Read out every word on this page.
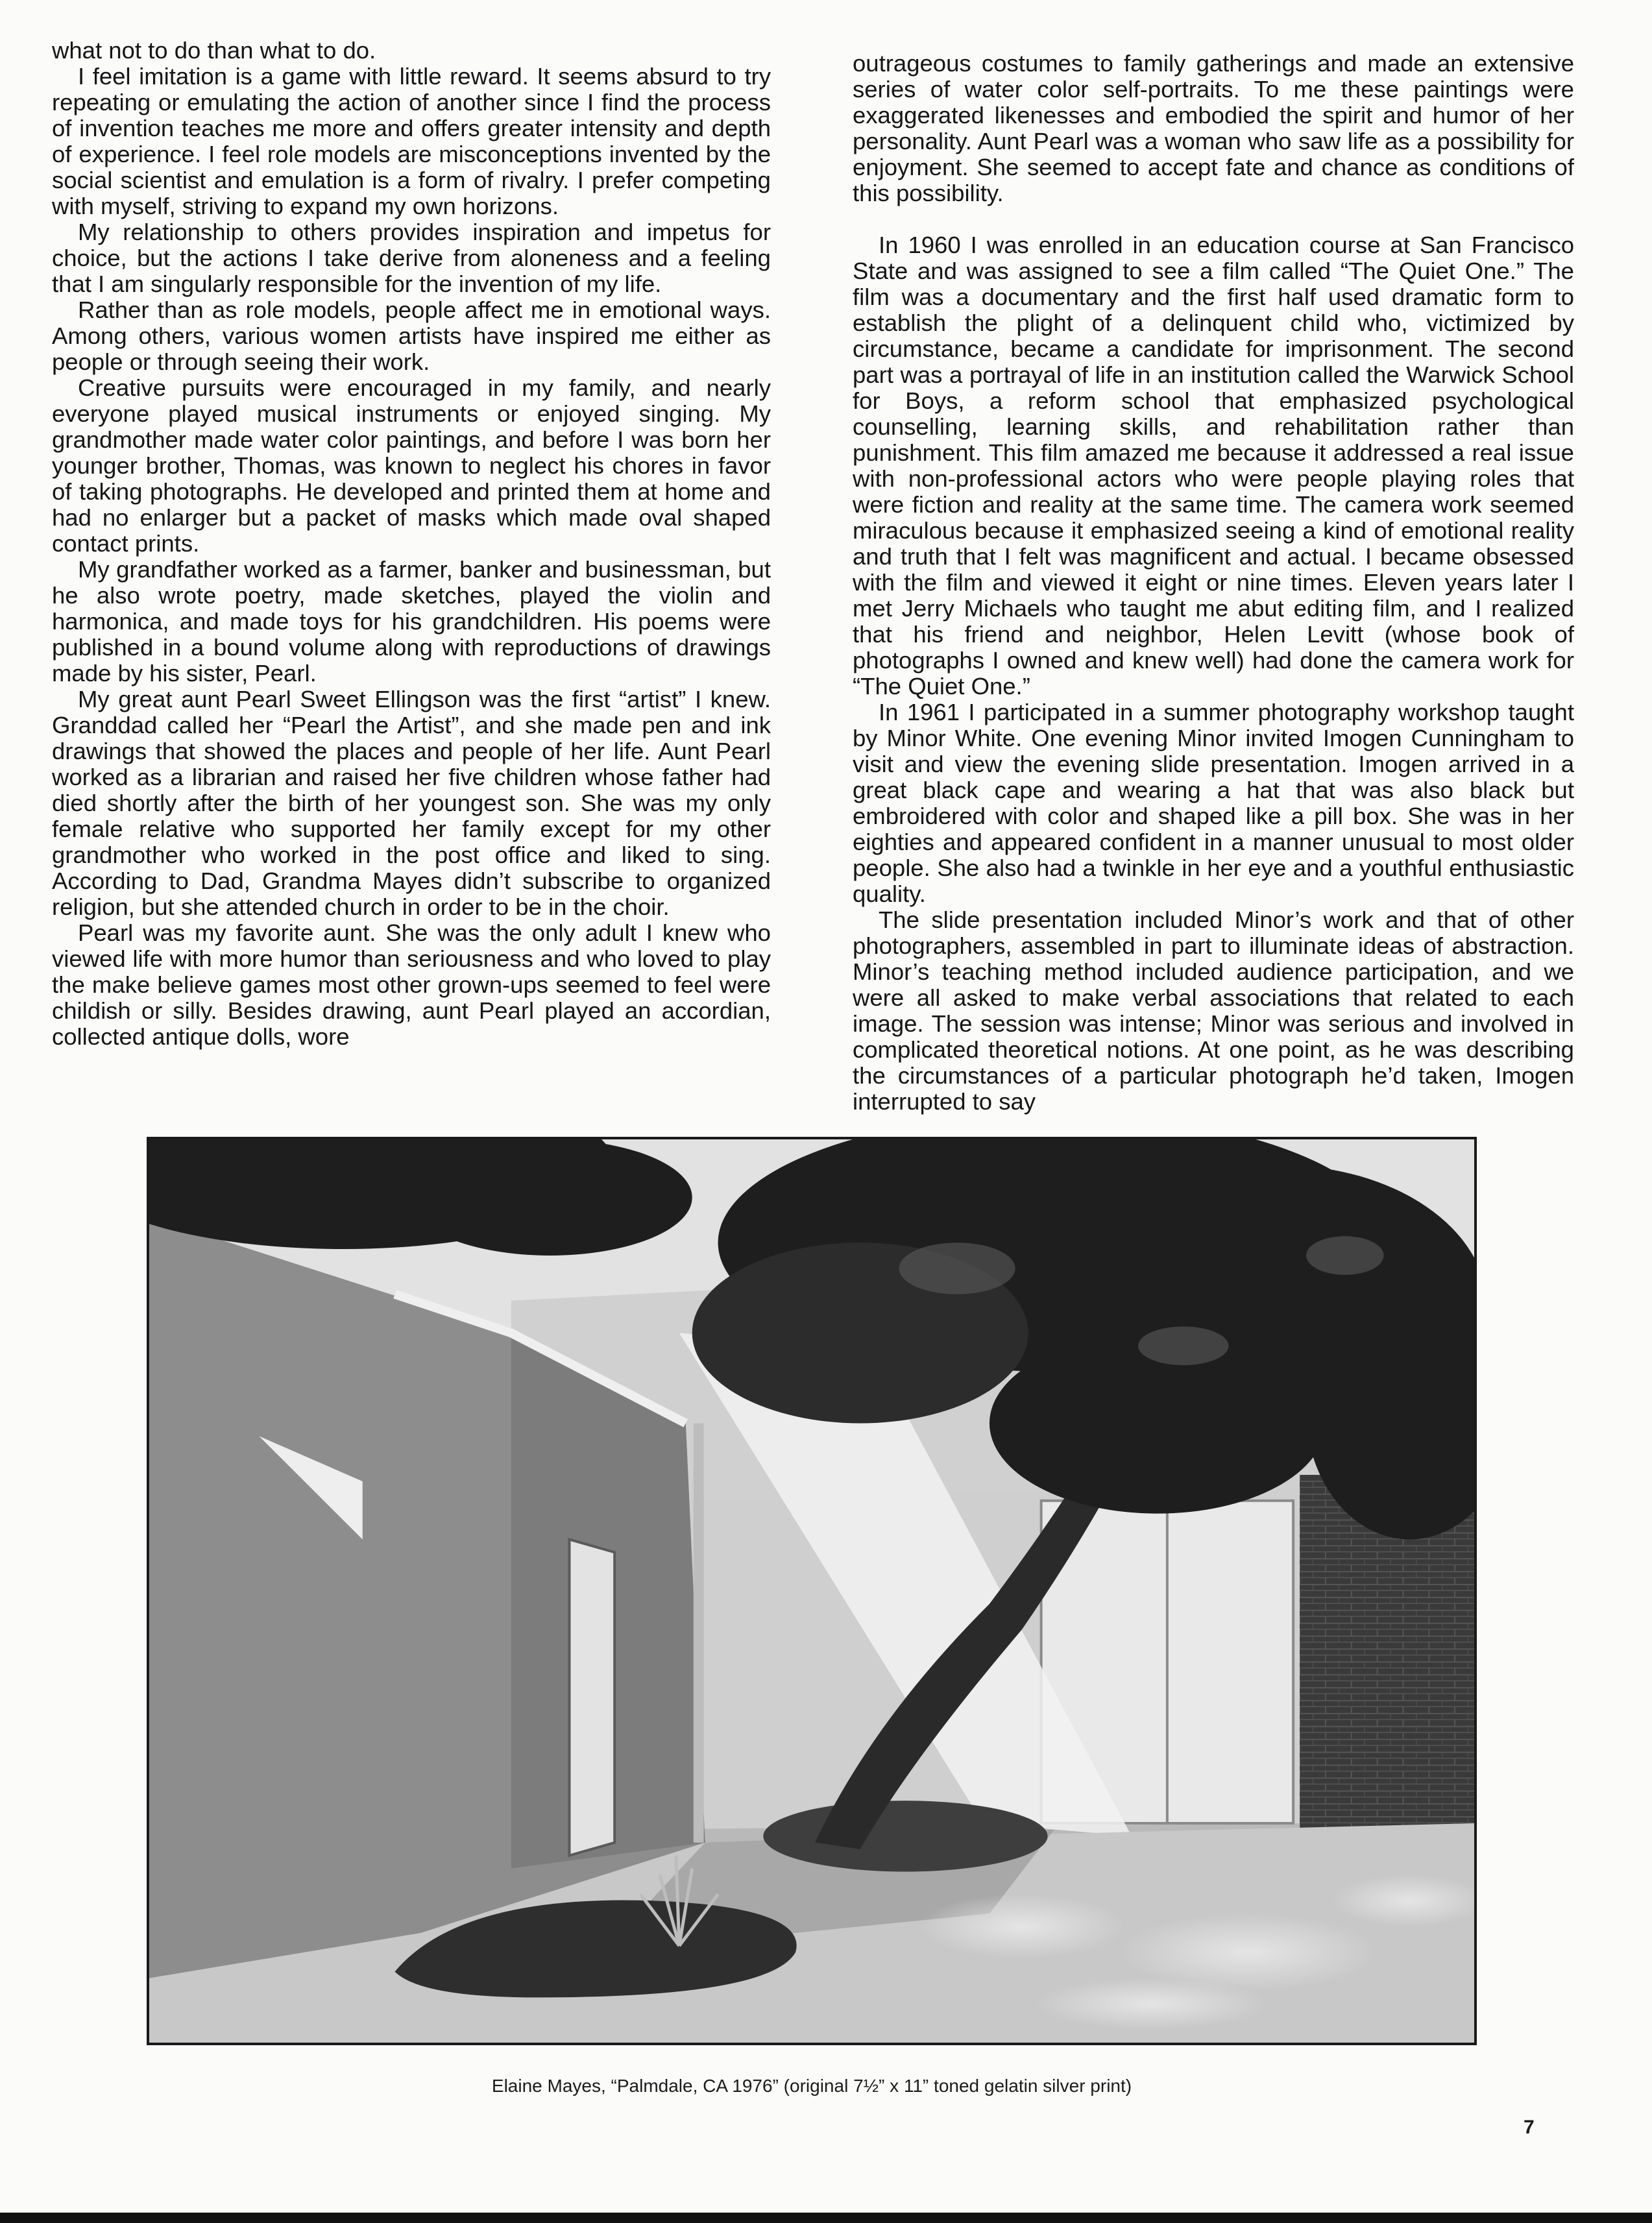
what not to do than what to do.

I feel imitation is a game with little reward. It seems absurd to try repeating or emulating the action of another since I find the process of invention teaches me more and offers greater intensity and depth of experience. I feel role models are misconceptions invented by the social scientist and emulation is a form of rivalry. I prefer competing with myself, striving to expand my own horizons.

My relationship to others provides inspiration and impetus for choice, but the actions I take derive from aloneness and a feeling that I am singularly responsible for the invention of my life.

Rather than as role models, people affect me in emotional ways. Among others, various women artists have inspired me either as people or through seeing their work.

Creative pursuits were encouraged in my family, and nearly everyone played musical instruments or enjoyed singing. My grandmother made water color paintings, and before I was born her younger brother, Thomas, was known to neglect his chores in favor of taking photographs. He developed and printed them at home and had no enlarger but a packet of masks which made oval shaped contact prints.

My grandfather worked as a farmer, banker and businessman, but he also wrote poetry, made sketches, played the violin and harmonica, and made toys for his grandchildren. His poems were published in a bound volume along with reproductions of drawings made by his sister, Pearl.

My great aunt Pearl Sweet Ellingson was the first “artist” I knew. Granddad called her “Pearl the Artist”, and she made pen and ink drawings that showed the places and people of her life. Aunt Pearl worked as a librarian and raised her five children whose father had died shortly after the birth of her youngest son. She was my only female relative who supported her family except for my other grandmother who worked in the post office and liked to sing. According to Dad, Grandma Mayes didn’t subscribe to organized religion, but she attended church in order to be in the choir.

Pearl was my favorite aunt. She was the only adult I knew who viewed life with more humor than seriousness and who loved to play the make believe games most other grown-ups seemed to feel were childish or silly. Besides drawing, aunt Pearl played an accordian, collected antique dolls, wore

outrageous costumes to family gatherings and made an extensive series of water color self-portraits. To me these paintings were exaggerated likenesses and embodied the spirit and humor of her personality. Aunt Pearl was a woman who saw life as a possibility for enjoyment. She seemed to accept fate and chance as conditions of this possibility.

In 1960 I was enrolled in an education course at San Francisco State and was assigned to see a film called “The Quiet One.” The film was a documentary and the first half used dramatic form to establish the plight of a delinquent child who, victimized by circumstance, became a candidate for imprisonment. The second part was a portrayal of life in an institution called the Warwick School for Boys, a reform school that emphasized psychological counselling, learning skills, and rehabilitation rather than punishment. This film amazed me because it addressed a real issue with non-professional actors who were people playing roles that were fiction and reality at the same time. The camera work seemed miraculous because it emphasized seeing a kind of emotional reality and truth that I felt was magnificent and actual. I became obsessed with the film and viewed it eight or nine times. Eleven years later I met Jerry Michaels who taught me abut editing film, and I realized that his friend and neighbor, Helen Levitt (whose book of photographs I owned and knew well) had done the camera work for “The Quiet One.”

In 1961 I participated in a summer photography workshop taught by Minor White. One evening Minor invited Imogen Cunningham to visit and view the evening slide presentation. Imogen arrived in a great black cape and wearing a hat that was also black but embroidered with color and shaped like a pill box. She was in her eighties and appeared confident in a manner unusual to most older people. She also had a twinkle in her eye and a youthful enthusiastic quality.

The slide presentation included Minor’s work and that of other photographers, assembled in part to illuminate ideas of abstraction. Minor’s teaching method included audience participation, and we were all asked to make verbal associations that related to each image. The session was intense; Minor was serious and involved in complicated theoretical notions. At one point, as he was describing the circumstances of a particular photograph he’d taken, Imogen interrupted to say

Elaine Mayes, “Palmdale, CA 1976” (original 7½” x 11” toned gelatin silver print)
7
